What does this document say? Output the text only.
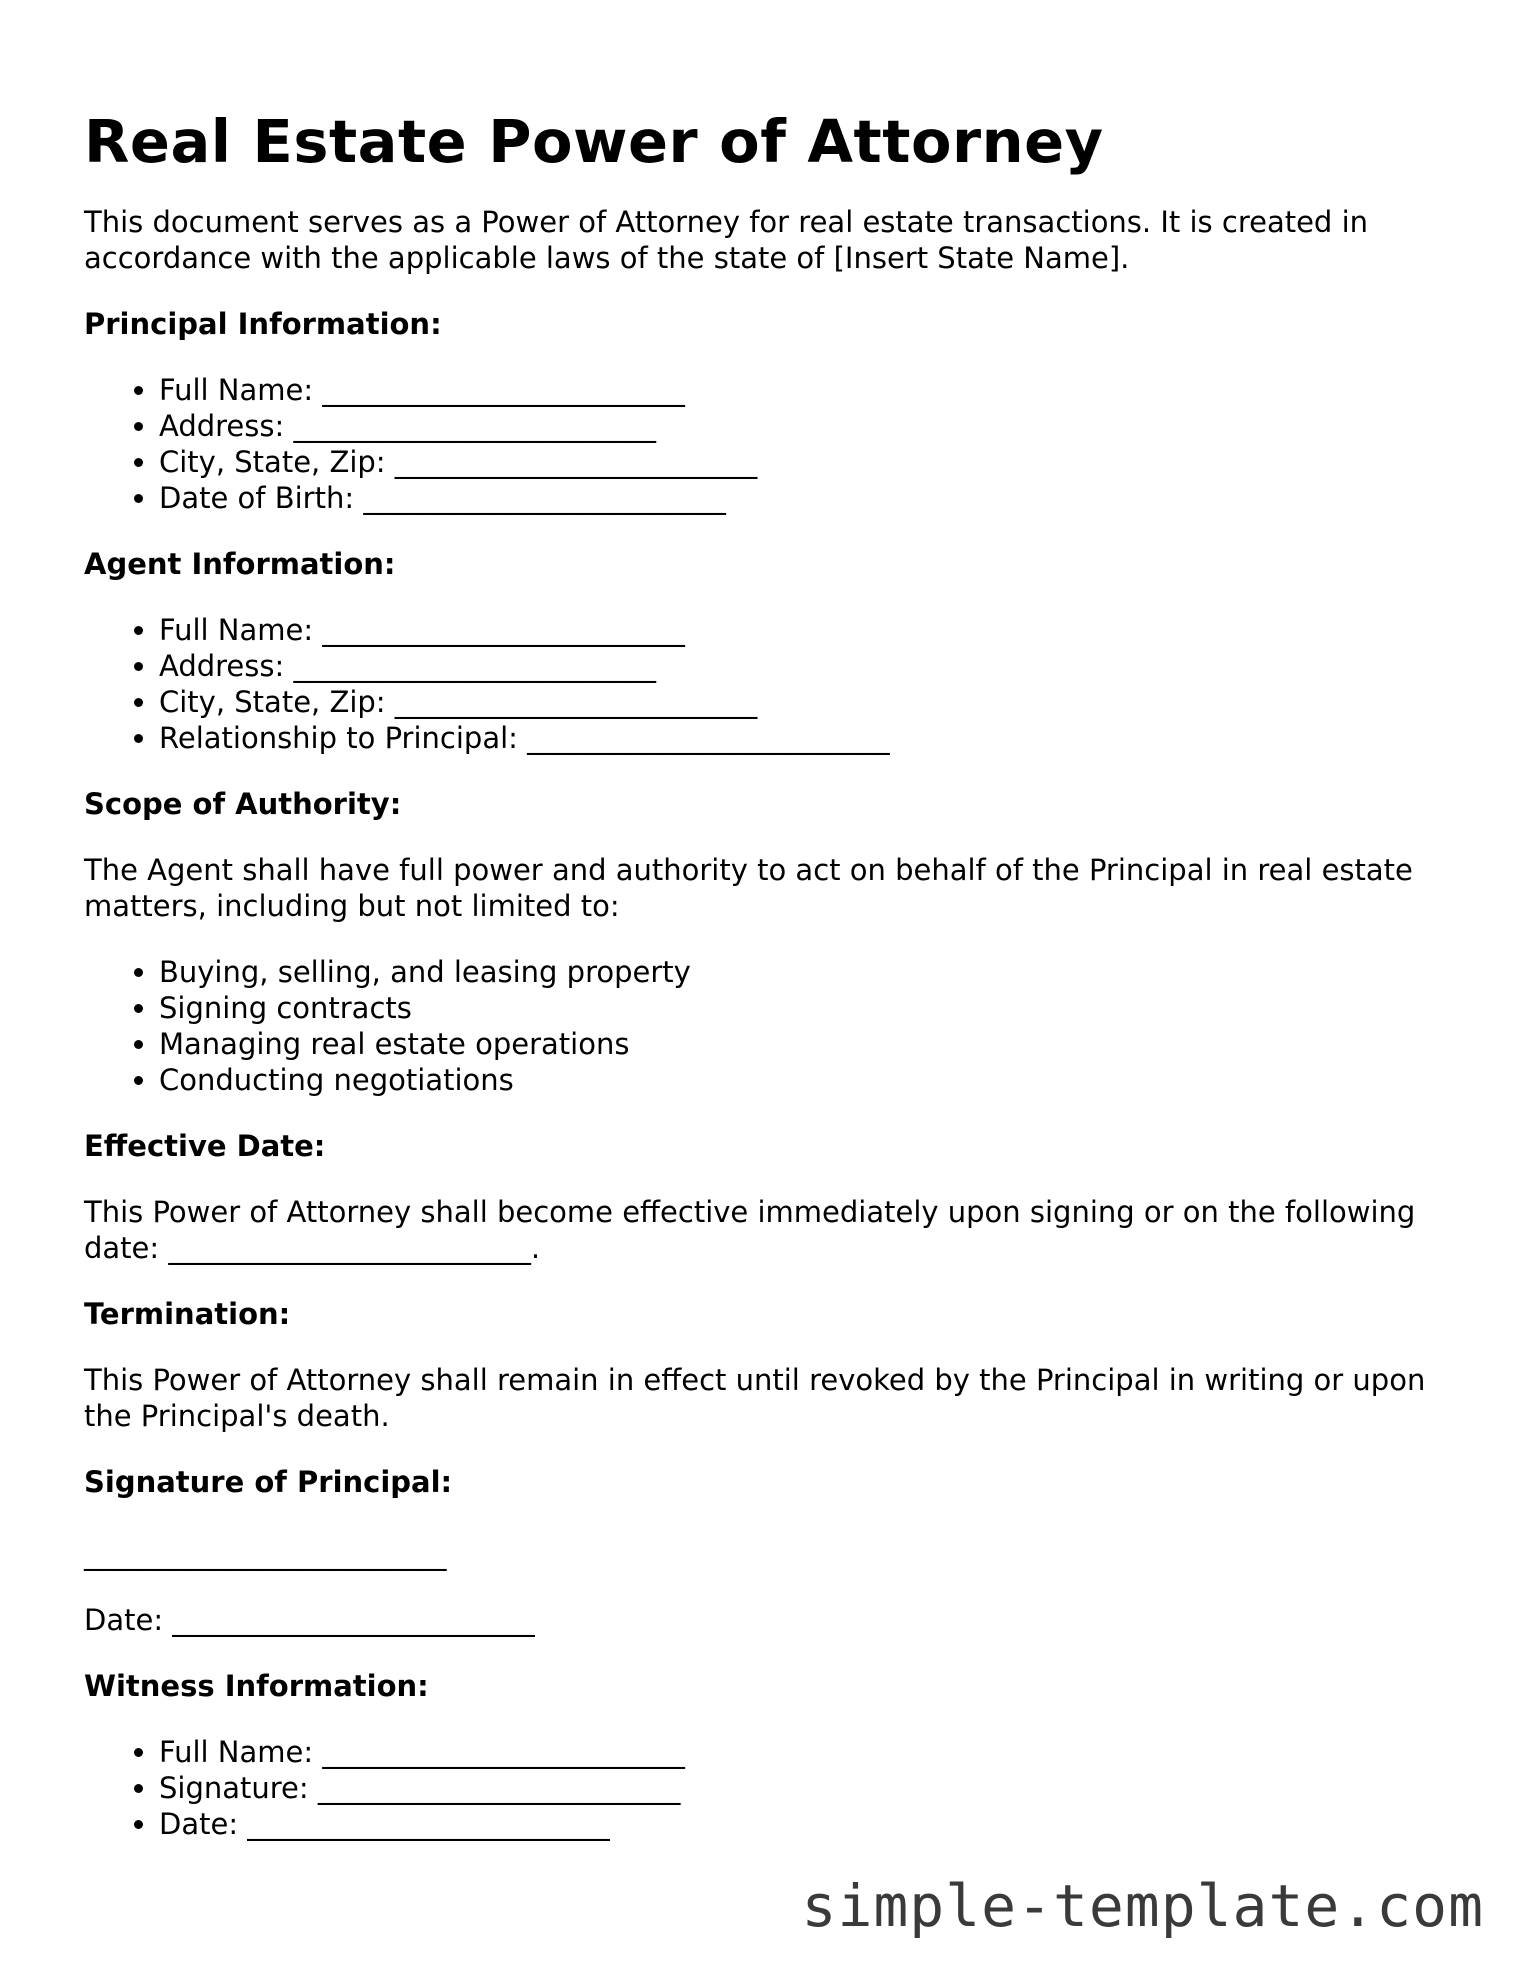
Real Estate Power of Attorney

This document serves as a Power of Attorney for real estate transactions. It is created in accordance with the applicable laws of the state of [Insert State Name].

Principal Information:
• Full Name: _________________________
• Address: _________________________
• City, State, Zip: _________________________
• Date of Birth: _________________________
Agent Information:
• Full Name: _________________________
• Address: _________________________
• City, State, Zip: _________________________
• Relationship to Principal: _________________________
Scope of Authority:

The Agent shall have full power and authority to act on behalf of the Principal in real estate matters, including but not limited to:

• Buying, selling, and leasing property
• Signing contracts
• Managing real estate operations
• Conducting negotiations
Effective Date:

This Power of Attorney shall become effective immediately upon signing or on the following date: _________________________.

Termination:

This Power of Attorney shall remain in effect until revoked by the Principal in writing or upon the Principal's death.

Signature of Principal:
_________________________

Date: _________________________

Witness Information:
• Full Name: _________________________
• Signature: _________________________
• Date: _________________________
simple-template.com
